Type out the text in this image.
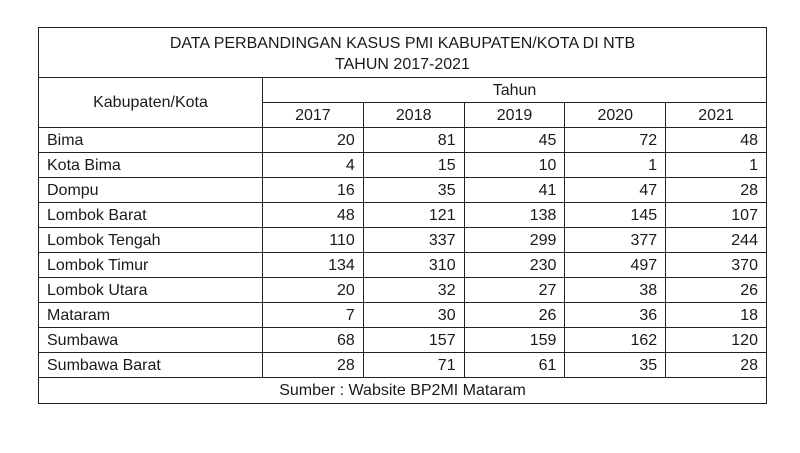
DATA PERBANDINGAN KASUS PMI KABUPATEN/KOTA DI NTB
TAHUN 2017-2021					

Kabupaten/Kota	Tahun				
	2017	2018	2019	2020	2021
Bima	20	81	45	72	48
Kota Bima	4	15	10	1	1
Dompu	16	35	41	47	28
Lombok Barat	48	121	138	145	107
Lombok Tengah	110	337	299	377	244
Lombok Timur	134	310	230	497	370
Lombok Utara	20	32	27	38	26
Mataram	7	30	26	36	18
Sumbawa	68	157	159	162	120
Sumbawa Barat	28	71	61	35	28
Sumber : Wabsite BP2MI Mataram					
